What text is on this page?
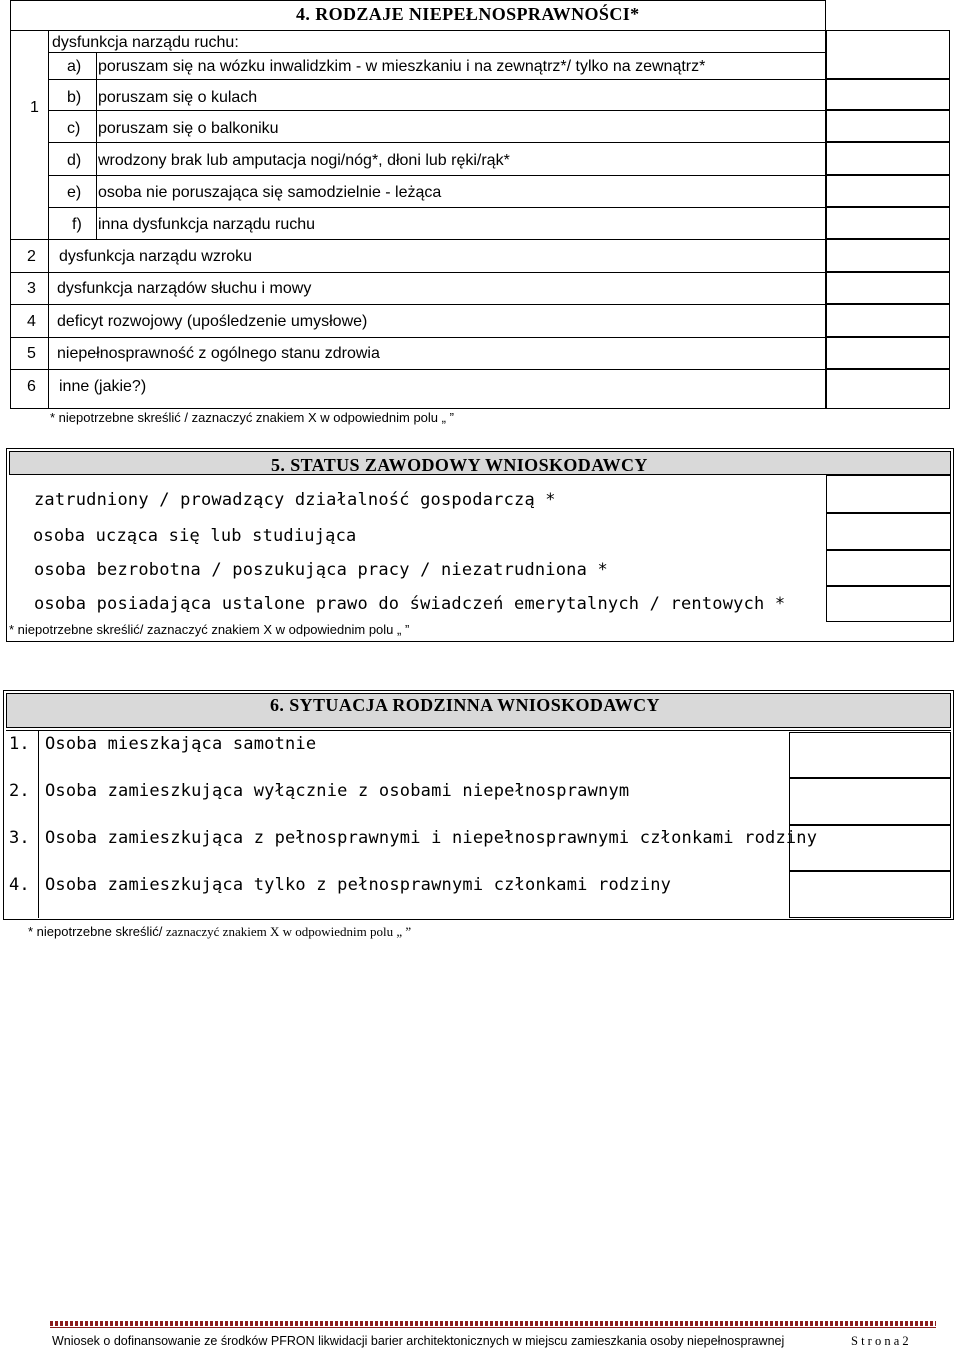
4. RODZAJE NIEPEŁNOSPRAWNOŚCI*
1
dysfunkcja narządu ruchu:
a) poruszam się na wózku inwalidzkim - w mieszkaniu i na zewnątrz*/ tylko na zewnątrz*
b) poruszam się o kulach
c) poruszam się o balkoniku
d) wrodzony brak lub amputacja nogi/nóg*, dłoni lub ręki/rąk*
e) osoba nie poruszająca się samodzielnie - leżąca
f) inna dysfunkcja narządu ruchu
2 dysfunkcja narządu wzroku
3 dysfunkcja narządów słuchu i mowy
4 deficyt rozwojowy (upośledzenie umysłowe)
5 niepełnosprawność z ogólnego stanu zdrowia
6 inne (jakie?)
* niepotrzebne skreślić / zaznaczyć znakiem X w odpowiednim polu „ ”
5. STATUS ZAWODOWY WNIOSKODAWCY
zatrudniony / prowadzący działalność gospodarczą *
osoba ucząca się lub studiująca
osoba bezrobotna / poszukująca pracy / niezatrudniona *
osoba posiadająca ustalone prawo do świadczeń emerytalnych / rentowych *
* niepotrzebne skreślić/ zaznaczyć znakiem X w odpowiednim polu „ ”
6. SYTUACJA RODZINNA WNIOSKODAWCY
1. Osoba mieszkająca samotnie
2. Osoba zamieszkująca wyłącznie z osobami niepełnosprawnym
3. Osoba zamieszkująca z pełnosprawnymi i niepełnosprawnymi członkami rodziny
4. Osoba zamieszkująca tylko z pełnosprawnymi członkami rodziny
* niepotrzebne skreślić/ zaznaczyć znakiem X w odpowiednim polu „ ”
Wniosek o dofinansowanie ze środków PFRON likwidacji barier architektonicznych w miejscu zamieszkania osoby niepełnosprawnej	S t r o n a 2
